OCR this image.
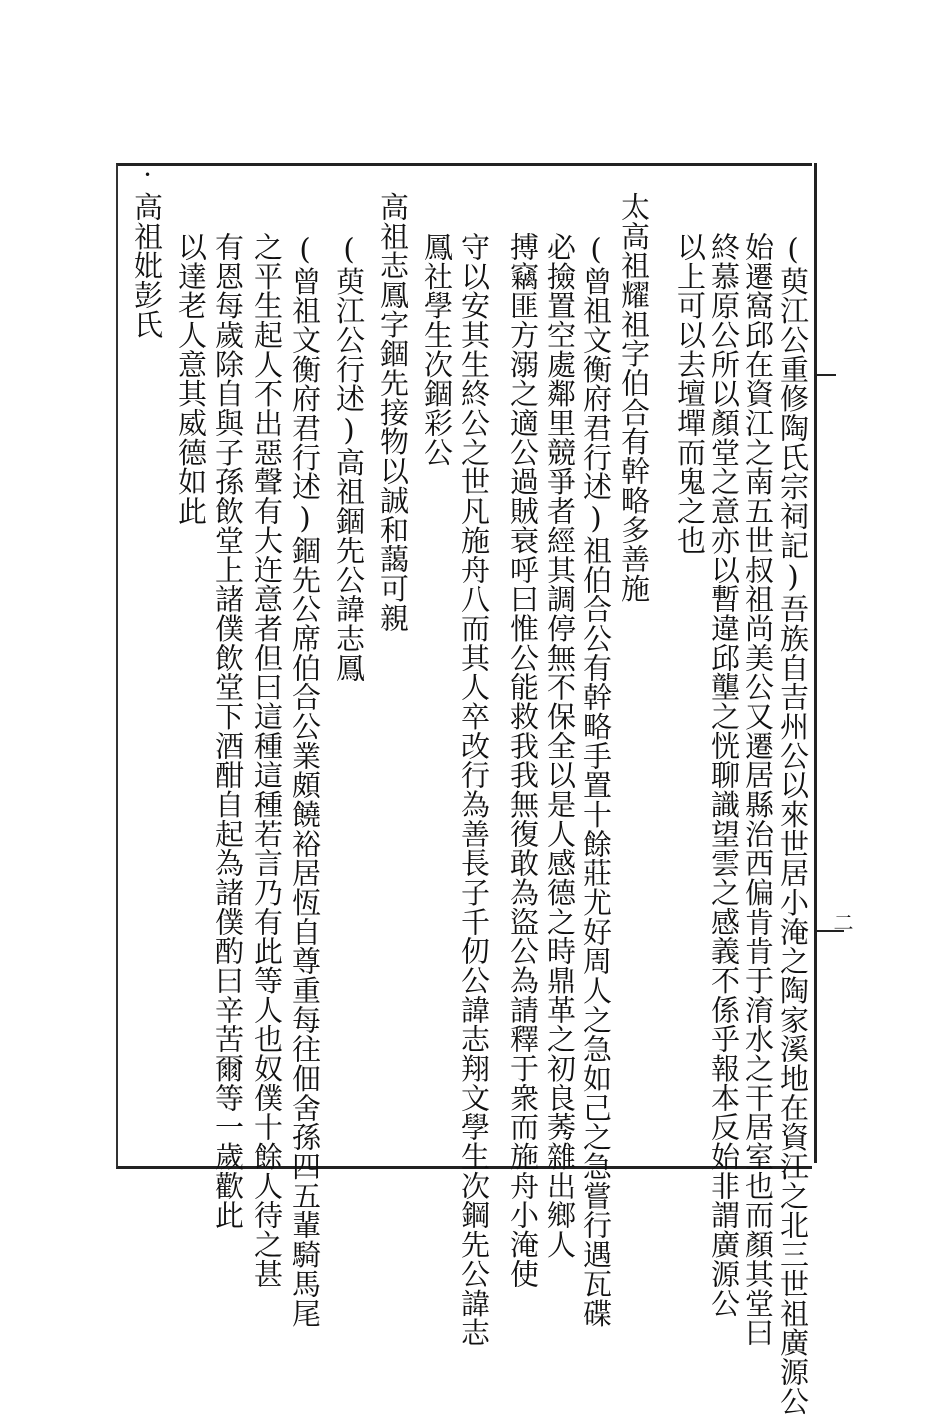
二
•
(萸江公重修陶氏宗祠記)吾族自吉州公以來世居小淹之陶家溪地在資江之北三世祖廣源公
始遷窩邱在資江之南五世叔祖尚美公又遷居縣治西偏肯肯于淯水之干居室也而顏其堂曰
終慕原公所以顏堂之意亦以暫違邱壟之恍聊識望雲之感義不係乎報本反始非謂廣源公
以上可以去壇墠而鬼之也
太高祖耀祖字伯合有幹略多善施
(曾祖文衡府君行述)祖伯合公有幹略手置十餘莊尤好周人之急如己之急嘗行遇瓦碟
必撿置空處鄰里競爭者經其調停無不保全以是人感德之時鼎革之初良莠雜出鄉人
搏竊匪方溺之適公過賊衰呼曰惟公能救我我無復敢為盜公為請釋于衆而施舟小淹使
守以安其生終公之世凡施舟八而其人卒改行為善長子千仞公諱志翔文學生次鋼先公諱志
鳳社學生次錮彩公
高祖志鳳字錮先接物以誠和藹可親
(萸江公行述)高祖錮先公諱志鳳
(曾祖文衡府君行述)錮先公席伯合公業頗饒裕居恆自尊重每往佃舍孫四五輩騎馬尾
之平生起人不出惡聲有大迕意者但曰這種這種若言乃有此等人也奴僕十餘人待之甚
有恩每歲除自與子孫飲堂上諸僕飲堂下酒酣自起為諸僕酌曰辛苦爾等一歲歡此
以達老人意其威德如此
高祖妣彭氏
